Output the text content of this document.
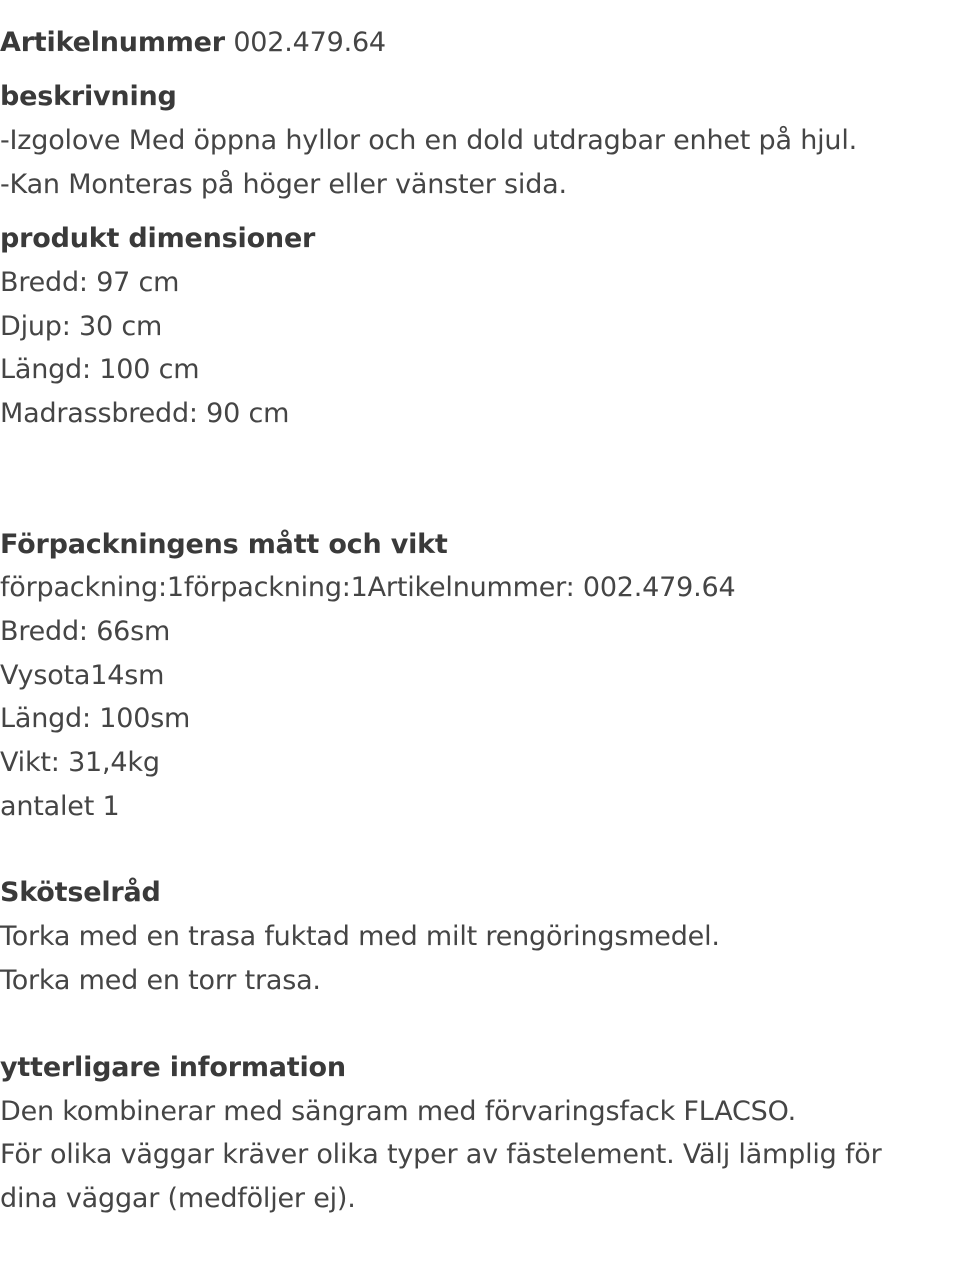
Artikelnummer 002.479.64
beskrivning
-Izgolove Med öppna hyllor och en dold utdragbar enhet på hjul.
-Kan Monteras på höger eller vänster sida.
produkt dimensioner
Bredd: 97 cm
Djup: 30 cm
Längd: 100 cm
Madrassbredd: 90 cm
Förpackningens mått och vikt
förpackning:1förpackning:1Artikelnummer: 002.479.64
Bredd: 66sm
Vysota14sm
Längd: 100sm
Vikt: 31,4kg
antalet 1
Skötselråd
Torka med en trasa fuktad med milt rengöringsmedel.
Torka med en torr trasa.
ytterligare information
Den kombinerar med sängram med förvaringsfack FLACSO.
För olika väggar kräver olika typer av fästelement. Välj lämplig för
dina väggar (medföljer ej).
